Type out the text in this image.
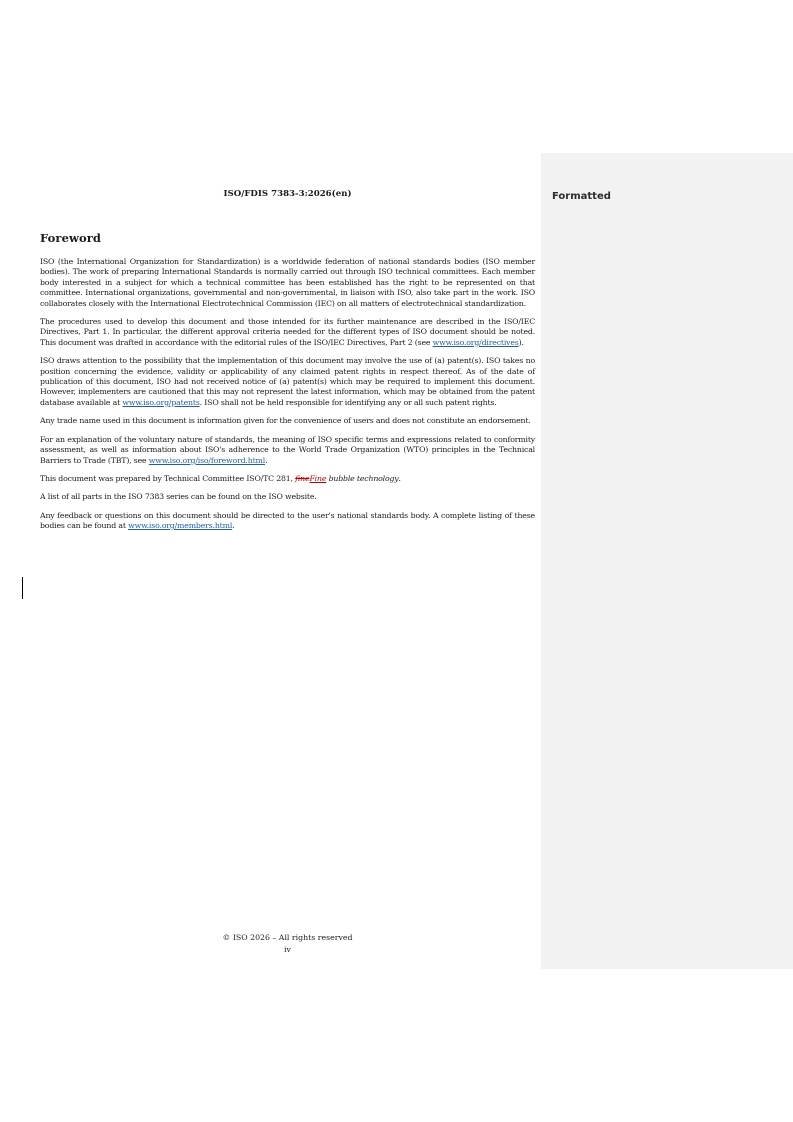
Formatted
ISO/FDIS 7383-3:2026(en)
Foreword

ISO (the International Organization for Standardization) is a worldwide federation of national standards bodies (ISO member bodies). The work of preparing International Standards is normally carried out through ISO technical committees. Each member body interested in a subject for which a technical committee has been established has the right to be represented on that committee. International organizations, governmental and non-governmental, in liaison with ISO, also take part in the work. ISO collaborates closely with the International Electrotechnical Commission (IEC) on all matters of electrotechnical standardization.

The procedures used to develop this document and those intended for its further maintenance are described in the ISO/IEC Directives, Part 1. In particular, the different approval criteria needed for the different types of ISO document should be noted. This document was drafted in accordance with the editorial rules of the ISO/IEC Directives, Part 2 (see www.iso.org/directives).

ISO draws attention to the possibility that the implementation of this document may involve the use of (a) patent(s). ISO takes no position concerning the evidence, validity or applicability of any claimed patent rights in respect thereof. As of the date of publication of this document, ISO had not received notice of (a) patent(s) which may be required to implement this document. However, implementers are cautioned that this may not represent the latest information, which may be obtained from the patent database available at www.iso.org/patents. ISO shall not be held responsible for identifying any or all such patent rights.

Any trade name used in this document is information given for the convenience of users and does not constitute an endorsement.

For an explanation of the voluntary nature of standards, the meaning of ISO specific terms and expressions related to conformity assessment, as well as information about ISO's adherence to the World Trade Organization (WTO) principles in the Technical Barriers to Trade (TBT), see www.iso.org/iso/foreword.html.

This document was prepared by Technical Committee ISO/TC 281, fineFine bubble technology.

A list of all parts in the ISO 7383 series can be found on the ISO website.

Any feedback or questions on this document should be directed to the user's national standards body. A complete listing of these bodies can be found at www.iso.org/members.html.

© ISO 2026 – All rights reserved
iv
